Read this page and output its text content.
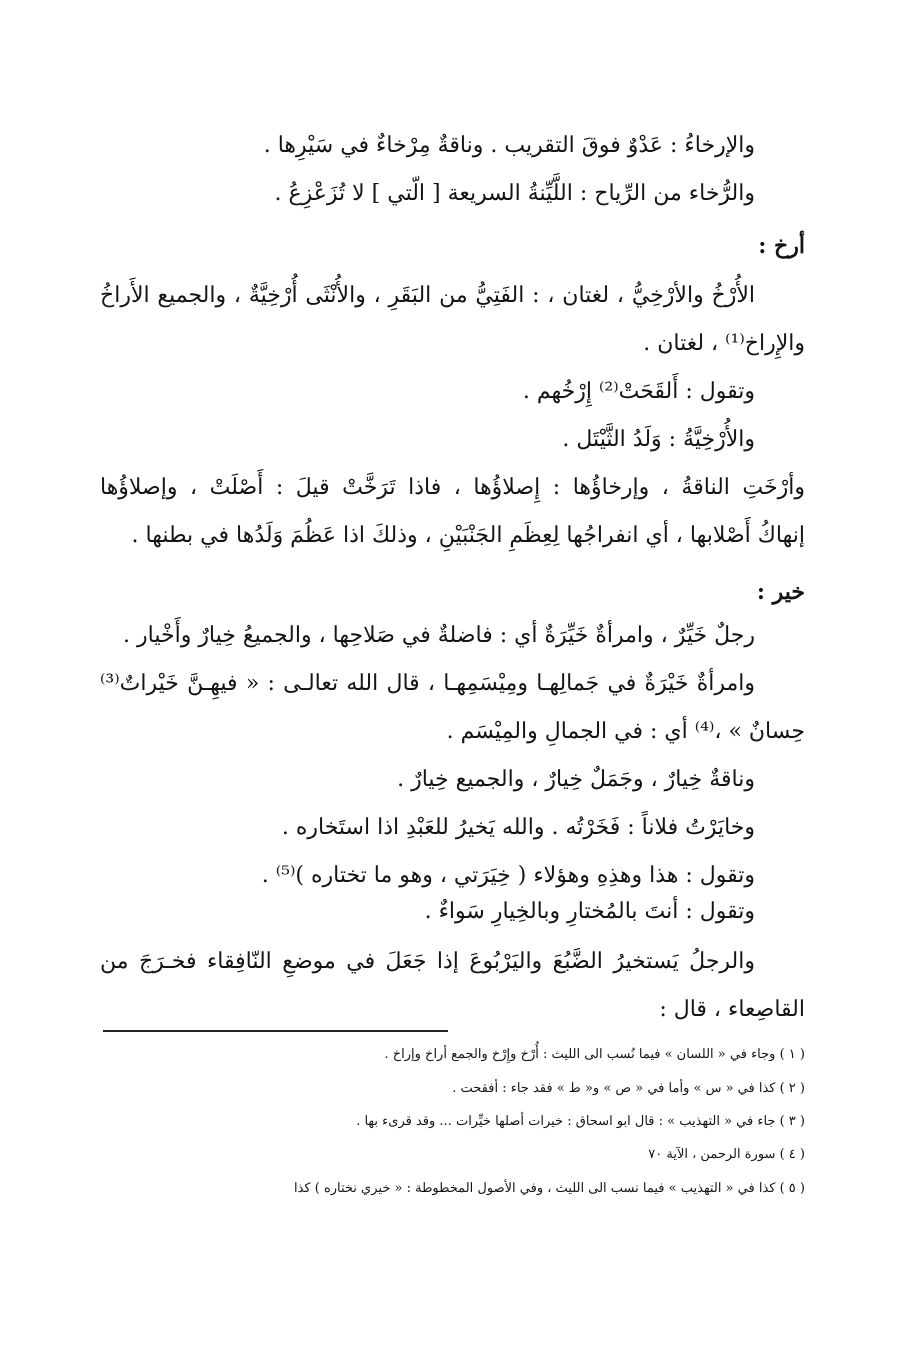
والإرخاءُ : عَدْوٌ فوقَ التقريب . وناقةٌ مِرْخاءٌ في سَيْرِها .
والرُّخاء من الرِّياح : اللَّيِّنةُ السريعة [ الّتي ] لا تُزَعْزِعُ .
أرخ :
الأُرْخُ والأرْخِيُّ ، لغتان ، : الفَتِيُّ من البَقَرِ ، والأُنْثَى أُرْخِيَّةٌ ، والجميع الأَراخُ
والإِراخ⁽¹⁾ ، لغتان .
وتقول : أَلقَحَتْ⁽²⁾ إِرْخُهم .
والأُرْخِيَّةُ : وَلَدُ الثَّيْتَل .
وأرْخَتِ الناقةُ ، وإرخاؤُها : إِصلاؤُها ، فاذا تَرَخَّتْ قيلَ : أَصْلَتْ ، وإصلاؤُها
إنهاكُ أَصْلابها ، أي انفراجُها لِعِظَمِ الجَنْبَيْنِ ، وذلكَ اذا عَظُمَ وَلَدُها في بطنها .
خير :
رجلٌ خَيِّرٌ ، وامرأةٌ خَيِّرَةٌ أي : فاضلةٌ في صَلاحِها ، والجميعُ خِيارٌ وأَخْيار .
وامرأةٌ خَيْرَةٌ في جَمالِهـا ومِيْسَمِهـا ، قال الله تعالـى : « فيهِـنَّ خَيْراتٌ⁽³⁾
حِسانٌ » ،⁽⁴⁾ أي : في الجمالِ والمِيْسَم .
وناقةٌ خِيارٌ ، وجَمَلٌ خِيارٌ ، والجميع خِيارٌ .
وخايَرْتُ فلاناً : فَخَرْتُه . والله يَخيرُ للعَبْدِ اذا استَخاره .
وتقول : هذا وهذِهِ وهؤلاء ( خِيَرَتي ، وهو ما تختاره )⁽⁵⁾ .
وتقول : أنتَ بالمُختارِ وبالخِيارِ سَواءٌ .
والرجلُ يَستخيرُ الضَّبُعَ واليَرْبُوعَ إذا جَعَلَ في موضعِ النّافِقاء فخـرَجَ من
القاصِعاء ، قال :
( ١ ) وجاء في « اللسان » فيما نُسب الى الليث : أُرْخ وإِرْخ والجمع أراخ وإراخ .
( ٢ ) كذا في « س » وأما في « ص » و« ط » فقد جاء : أفقحت .
( ٣ ) جاء في « التهذيب » : قال ابو اسحاق : خيرات أصلها خيِّرات ... وقد قرىء بها .
( ٤ ) سورة الرحمن ، الآية ٧٠
( ٥ ) كذا في « التهذيب » فيما نسب الى الليث ، وفي الأصول المخطوطة : « خيري نختاره ) كذا
